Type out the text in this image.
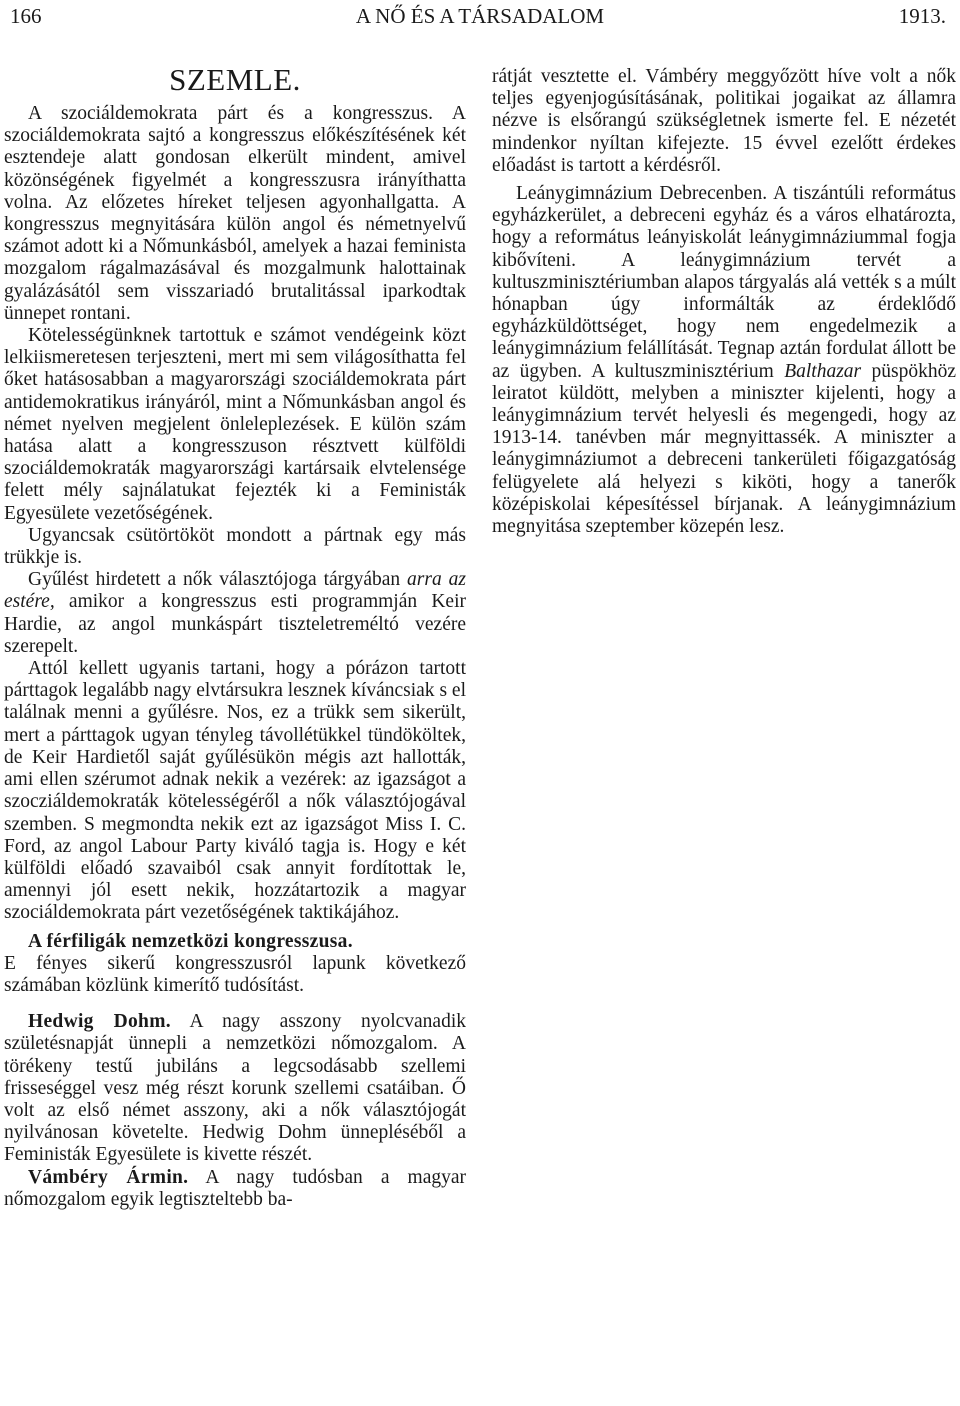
166	A NŐ ÉS A TÁRSADALOM	1913.
SZEMLE.

A szociáldemokrata párt és a kongresszus. A szociáldemokrata sajtó a kongresszus előkészítésének két esztendeje alatt gondosan elkerült mindent, amivel közönségének figyelmét a kongresszusra irányíthatta volna. Az előzetes híreket teljesen agyonhallgatta. A kongresszus megnyitására külön angol és németnyelvű számot adott ki a Nőmunkásból, amelyek a hazai feminista mozgalom rágalmazásával és mozgalmunk halottainak gyalázásától sem visszariadó brutalitással iparkodtak ünnepet rontani.

Kötelességünknek tartottuk e számot vendégeink közt lelkiismeretesen terjeszteni, mert mi sem világosíthatta fel őket hatásosabban a magyarországi szociáldemokrata párt antidemokratikus irányáról, mint a Nőmunkásban angol és német nyelven megjelent önleleplezések. E külön szám hatása alatt a kongresszuson résztvett külföldi szociáldemokraták magyarországi kartársaik elvtelensége felett mély sajnálatukat fejezték ki a Feministák Egyesülete vezetőségének.

Ugyancsak csütörtököt mondott a pártnak egy más trükkje is.

Gyűlést hirdetett a nők választójoga tárgyában arra az estére, amikor a kongresszus esti programmján Keir Hardie, az angol munkáspárt tiszteletreméltó vezére szerepelt.

Attól kellett ugyanis tartani, hogy a pórázon tartott párttagok legalább nagy elvtársukra lesznek kíváncsiak s el találnak menni a gyűlésre. Nos, ez a trükk sem sikerült, mert a párttagok ugyan tényleg távollétükkel tündököltek, de Keir Hardietől saját gyűlésükön mégis azt hallották, ami ellen szérumot adnak nekik a vezérek: az igazságot a szocziáldemokraták kötelességéről a nők választójogával szemben. S megmondta nekik ezt az igazságot Miss I. C. Ford, az angol Labour Party kiváló tagja is. Hogy e két külföldi előadó szavaiból csak annyit fordítottak le, amennyi jól esett nekik, hozzátartozik a magyar szociáldemokrata párt vezetőségének taktikájához.

A férfiligák nemzetközi kongresszusa.

E fényes sikerű kongresszusról lapunk következő számában közlünk kimerítő tudósítást.

Hedwig Dohm. A nagy asszony nyolcvanadik születésnapját ünnepli a nemzetközi nőmozgalom. A törékeny testű jubiláns a legcsodásabb szellemi frisseséggel vesz még részt korunk szellemi csatáiban. Ő volt az első német asszony, aki a nők választójogát nyilvánosan követelte. Hedwig Dohm ünnepléséből a Feministák Egyesülete is kivette részét.

Vámbéry Ármin. A nagy tudósban a magyar nőmozgalom egyik legtiszteltebb ba-

rátját vesztette el. Vámbéry meggyőzött híve volt a nők teljes egyenjogúsításának, politikai jogaikat az államra nézve is elsőrangú szükségletnek ismerte fel. E nézetét mindenkor nyíltan kifejezte. 15 évvel ezelőtt érdekes előadást is tartott a kérdésről.

Leánygimnázium Debrecenben. A tiszántúli református egyházkerület, a debreceni egyház és a város elhatározta, hogy a református leányiskolát leánygimnáziummal fogja kibővíteni. A leánygimnázium tervét a kultuszminisztériumban alapos tárgyalás alá vették s a múlt hónapban úgy informálták az érdeklődő egyházküldöttséget, hogy nem engedelmezik a leánygimnázium felállítását. Tegnap aztán fordulat állott be az ügyben. A kultuszminisztérium Balthazar püspökhöz leiratot küldött, melyben a miniszter kijelenti, hogy a leánygimnázium tervét helyesli és megengedi, hogy az 1913-14. tanévben már megnyittassék. A miniszter a leánygimnáziumot a debreceni tankerületi főigazgatóság felügyelete alá helyezi s kiköti, hogy a tanerők középiskolai képesítéssel bírjanak. A leánygimnázium megnyitása szeptember közepén lesz.
